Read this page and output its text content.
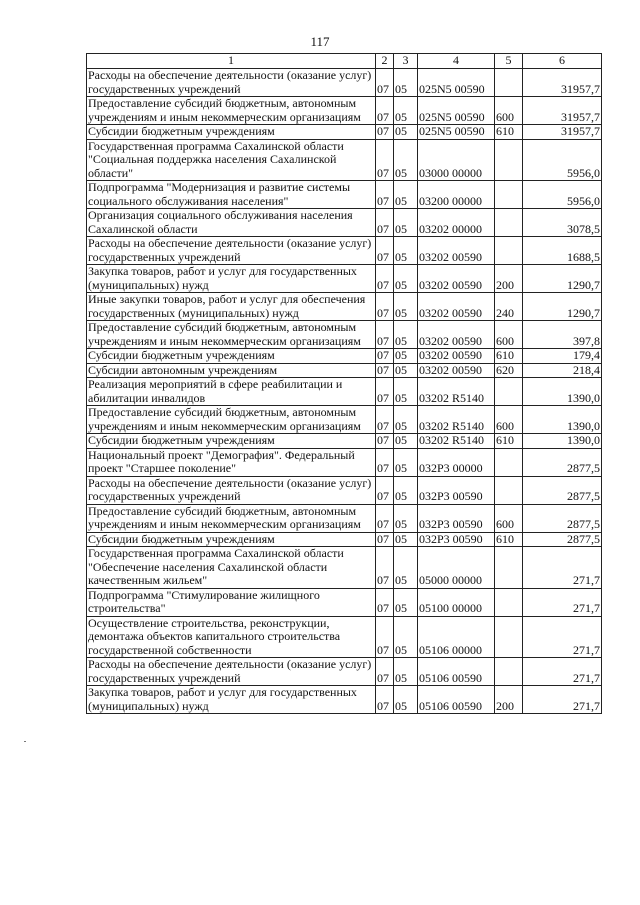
117
1	2	3	4	5	6
Расходы на обеспечение деятельности (оказание услуг) государственных учреждений	07	05	025N5 00590		31957,7
Предоставление субсидий бюджетным, автономным учреждениям и иным некоммерческим организациям	07	05	025N5 00590	600	31957,7
Субсидии бюджетным учреждениям	07	05	025N5 00590	610	31957,7
Государственная программа Сахалинской области "Социальная поддержка населения Сахалинской области"	07	05	03000 00000		5956,0
Подпрограмма "Модернизация и развитие системы социального обслуживания населения"	07	05	03200 00000		5956,0
Организация социального обслуживания населения Сахалинской области	07	05	03202 00000		3078,5
Расходы на обеспечение деятельности (оказание услуг) государственных учреждений	07	05	03202 00590		1688,5
Закупка товаров, работ и услуг для государственных (муниципальных) нужд	07	05	03202 00590	200	1290,7
Иные закупки товаров, работ и услуг для обеспечения государственных (муниципальных) нужд	07	05	03202 00590	240	1290,7
Предоставление субсидий бюджетным, автономным учреждениям и иным некоммерческим организациям	07	05	03202 00590	600	397,8
Субсидии бюджетным учреждениям	07	05	03202 00590	610	179,4
Субсидии автономным учреждениям	07	05	03202 00590	620	218,4
Реализация мероприятий в сфере реабилитации и абилитации инвалидов	07	05	03202 R5140		1390,0
Предоставление субсидий бюджетным, автономным учреждениям и иным некоммерческим организациям	07	05	03202 R5140	600	1390,0
Субсидии бюджетным учреждениям	07	05	03202 R5140	610	1390,0
Национальный проект "Демография". Федеральный проект "Старшее поколение"	07	05	032P3 00000		2877,5
Расходы на обеспечение деятельности (оказание услуг) государственных учреждений	07	05	032P3 00590		2877,5
Предоставление субсидий бюджетным, автономным учреждениям и иным некоммерческим организациям	07	05	032P3 00590	600	2877,5
Субсидии бюджетным учреждениям	07	05	032P3 00590	610	2877,5
Государственная программа Сахалинской области "Обеспечение населения Сахалинской области качественным жильем"	07	05	05000 00000		271,7
Подпрограмма "Стимулирование жилищного строительства"	07	05	05100 00000		271,7
Осуществление строительства, реконструкции, демонтажа объектов капитального строительства государственной собственности	07	05	05106 00000		271,7
Расходы на обеспечение деятельности (оказание услуг) государственных учреждений	07	05	05106 00590		271,7
Закупка товаров, работ и услуг для государственных (муниципальных) нужд	07	05	05106 00590	200	271,7
